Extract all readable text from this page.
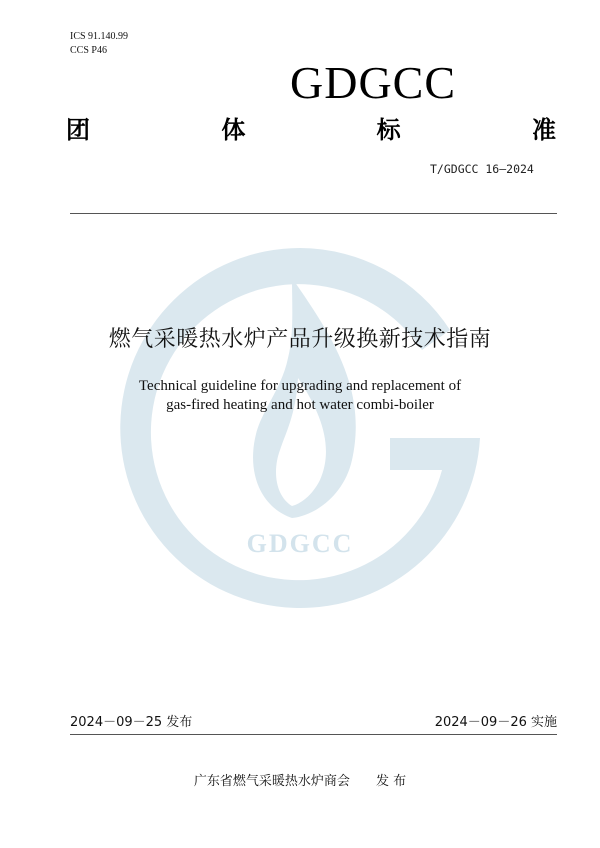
ICS 91.140.99
CCS P46
GDGCC
团	体	标	准
T/GDGCC 16—2024
GDGCC
燃气采暖热水炉产品升级换新技术指南
Technical guideline for upgrading and replacement of
gas-fired heating and hot water combi-boiler
2024－09－25 发布	2024－09－26 实施
广东省燃气采暖热水炉商会 发 布
